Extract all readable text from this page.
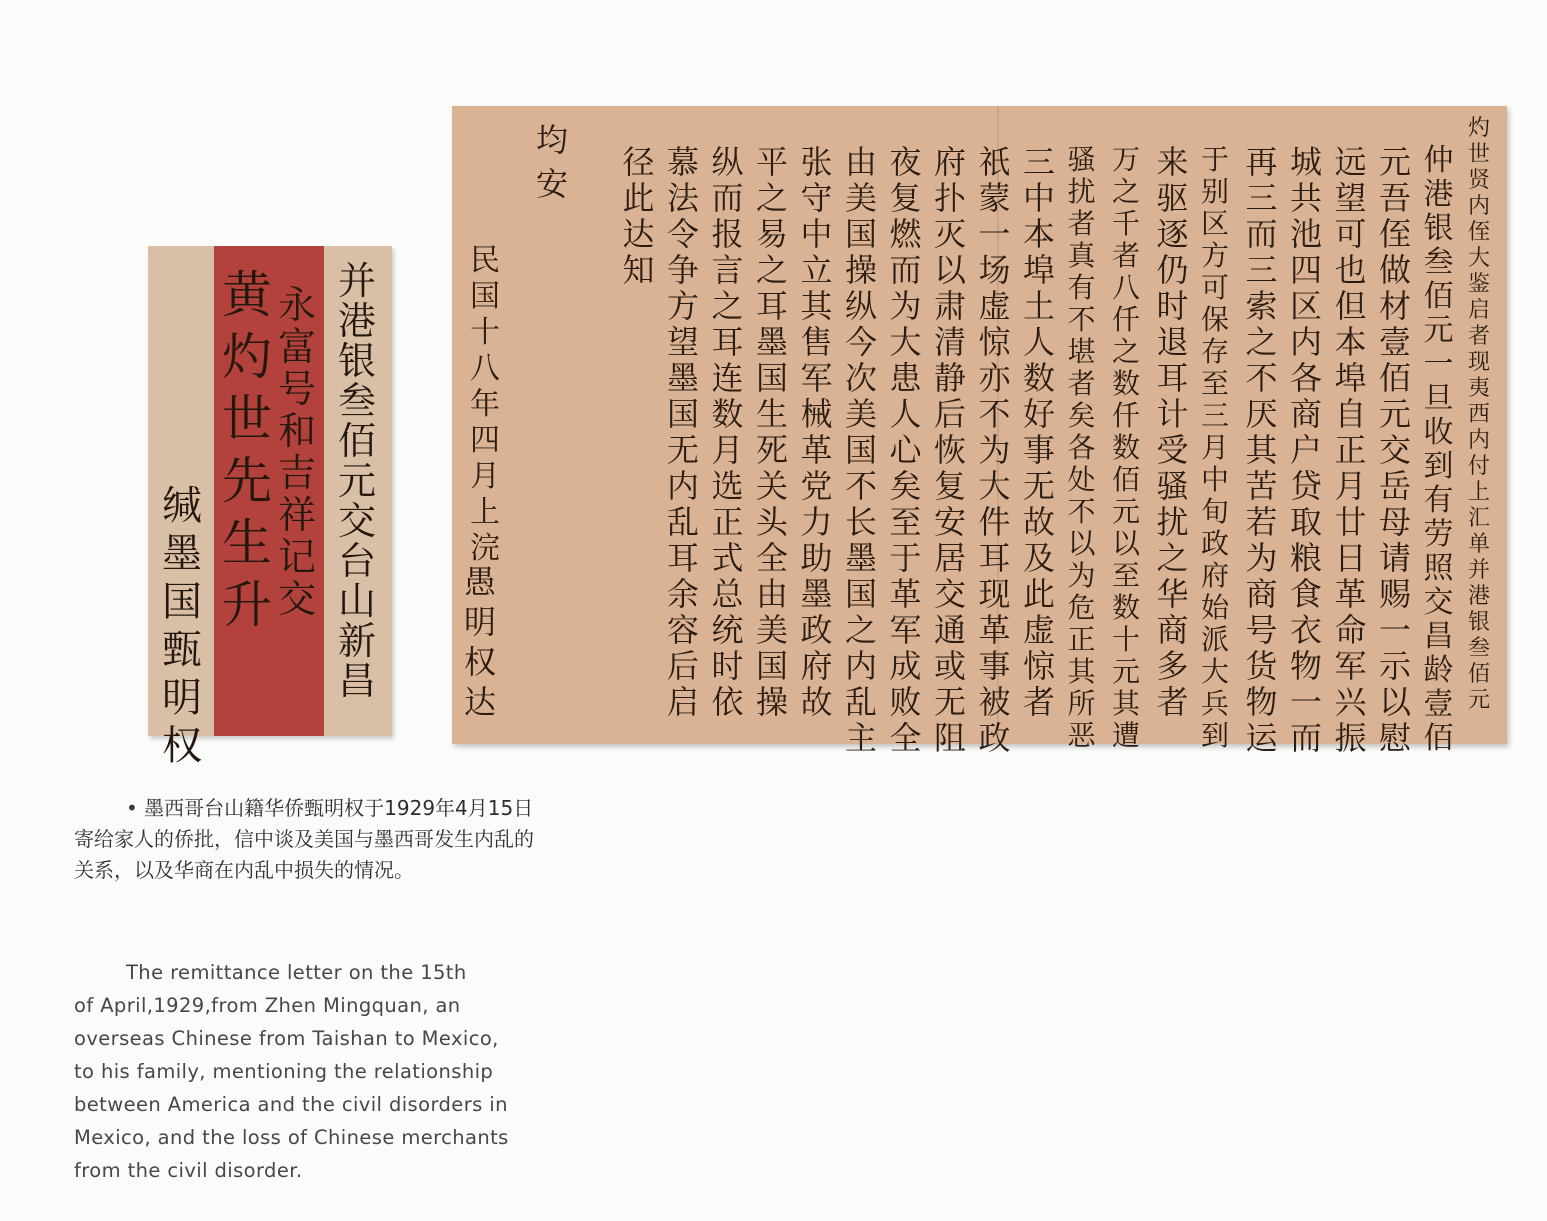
并
港
银
叁
佰
元
交
台
山
新
昌
永
富
号
和
吉
祥
记
交
黄
灼
世
先
生
升
缄
墨
国
甄
明
权
灼
世
贤
内
侄
大
鉴
启
者
现
夷
西
内
付
上
汇
单
并
港
银
叁
佰
元
仲
港
银
叁
佰
元
一
旦
收
到
有
劳
照
交
昌
龄
壹
佰
元
吾
侄
做
材
壹
佰
元
交
岳
母
请
赐
一
示
以
慰
远
望
可
也
但
本
埠
自
正
月
廿
日
革
命
军
兴
振
城
共
池
四
区
内
各
商
户
贷
取
粮
食
衣
物
一
而
再
三
而
三
索
之
不
厌
其
苦
若
为
商
号
货
物
运
于
别
区
方
可
保
存
至
三
月
中
旬
政
府
始
派
大
兵
到
来
驱
逐
仍
时
退
耳
计
受
骚
扰
之
华
商
多
者
万
之
千
者
八
仟
之
数
仟
数
佰
元
以
至
数
十
元
其
遭
骚
扰
者
真
有
不
堪
者
矣
各
处
不
以
为
危
正
其
所
恶
三
中
本
埠
土
人
数
好
事
无
故
及
此
虚
惊
者
祇
蒙
一
场
虚
惊
亦
不
为
大
件
耳
现
革
事
被
政
府
扑
灭
以
肃
清
静
后
恢
复
安
居
交
通
或
无
阻
夜
复
燃
而
为
大
患
人
心
矣
至
于
革
军
成
败
全
由
美
国
操
纵
今
次
美
国
不
长
墨
国
之
内
乱
主
张
守
中
立
其
售
军
械
革
党
力
助
墨
政
府
故
平
之
易
之
耳
墨
国
生
死
关
头
全
由
美
国
操
纵
而
报
言
之
耳
连
数
月
选
正
式
总
统
时
依
慕
法
令
争
方
望
墨
国
无
内
乱
耳
余
容
后
启
径
此
达
知
均
安
民
国
十
八
年
四
月
上
浣
愚
明
权
达

• 墨西哥台山籍华侨甄明权于1929年4月15日寄给家人的侨批，信中谈及美国与墨西哥发生内乱的关系，以及华商在内乱中损失的情况。

The remittance letter on the 15th
of April,1929,from Zhen Mingquan, an
overseas Chinese from Taishan to Mexico,
to his family, mentioning the relationship
between America and the civil disorders in
Mexico, and the loss of Chinese merchants
from the civil disorder.
